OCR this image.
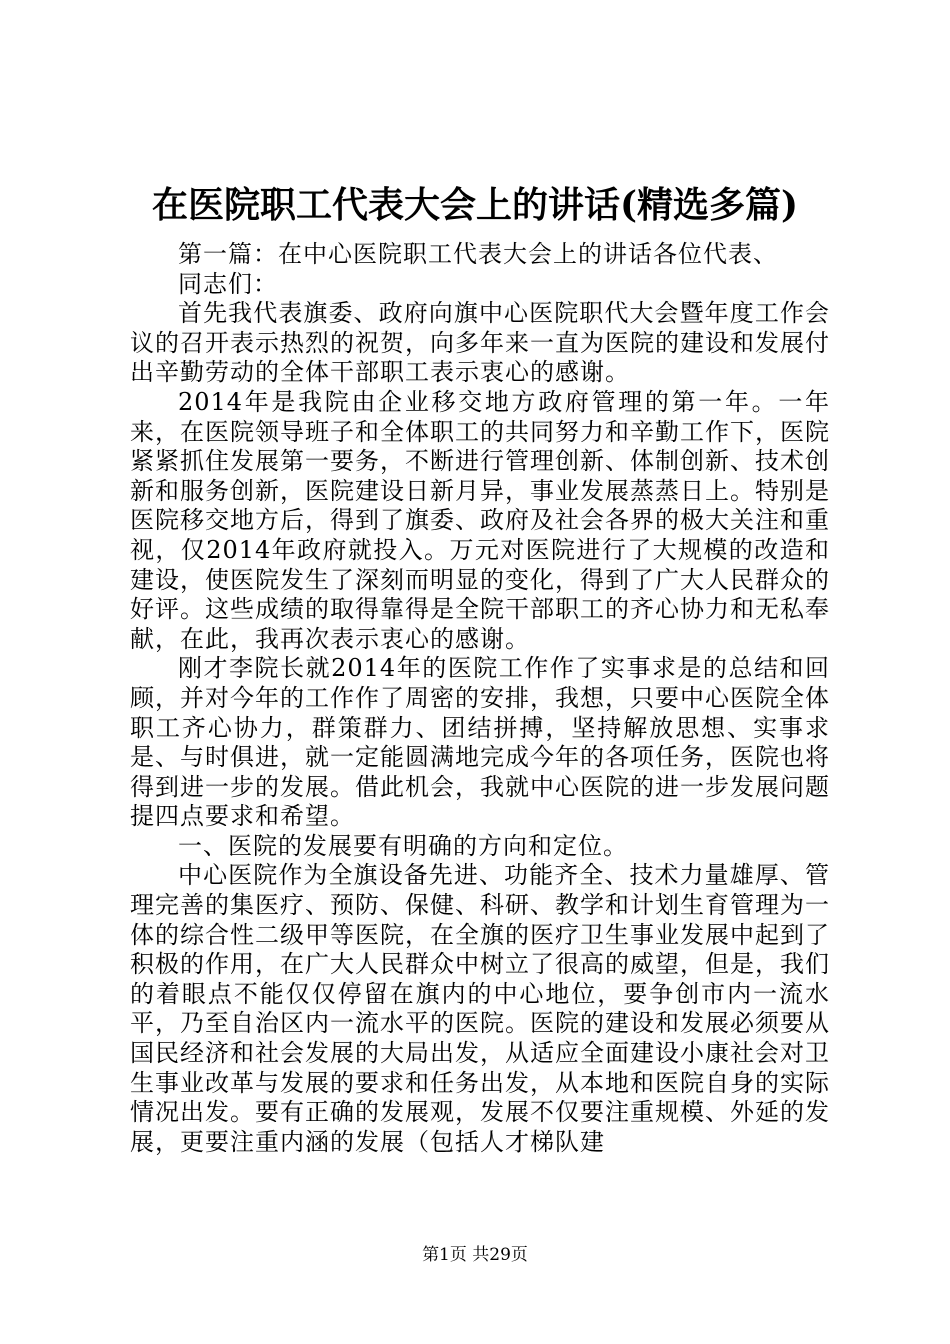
在医院职工代表大会上的讲话(精选多篇)

第一篇：在中心医院职工代表大会上的讲话各位代表、

同志们：

首先我代表旗委、政府向旗中心医院职代大会暨年度工作会议的召开表示热烈的祝贺，向多年来一直为医院的建设和发展付出辛勤劳动的全体干部职工表示衷心的感谢。

2014年是我院由企业移交地方政府管理的第一年。一年来，在医院领导班子和全体职工的共同努力和辛勤工作下，医院紧紧抓住发展第一要务，不断进行管理创新、体制创新、技术创新和服务创新，医院建设日新月异，事业发展蒸蒸日上。特别是医院移交地方后，得到了旗委、政府及社会各界的极大关注和重视，仅2014年政府就投入。万元对医院进行了大规模的改造和建设，使医院发生了深刻而明显的变化，得到了广大人民群众的好评。这些成绩的取得靠得是全院干部职工的齐心协力和无私奉献，在此，我再次表示衷心的感谢。

刚才李院长就2014年的医院工作作了实事求是的总结和回顾，并对今年的工作作了周密的安排，我想，只要中心医院全体职工齐心协力，群策群力、团结拼搏，坚持解放思想、实事求是、与时俱进，就一定能圆满地完成今年的各项任务，医院也将得到进一步的发展。借此机会，我就中心医院的进一步发展问题提四点要求和希望。

一、医院的发展要有明确的方向和定位。

中心医院作为全旗设备先进、功能齐全、技术力量雄厚、管理完善的集医疗、预防、保健、科研、教学和计划生育管理为一体的综合性二级甲等医院，在全旗的医疗卫生事业发展中起到了积极的作用，在广大人民群众中树立了很高的威望，但是，我们的着眼点不能仅仅停留在旗内的中心地位，要争创市内一流水平，乃至自治区内一流水平的医院。医院的建设和发展必须要从国民经济和社会发展的大局出发，从适应全面建设小康社会对卫生事业改革与发展的要求和任务出发，从本地和医院自身的实际情况出发。要有正确的发展观，发展不仅要注重规模、外延的发展，更要注重内涵的发展（包括人才梯队建

第1页 共29页
